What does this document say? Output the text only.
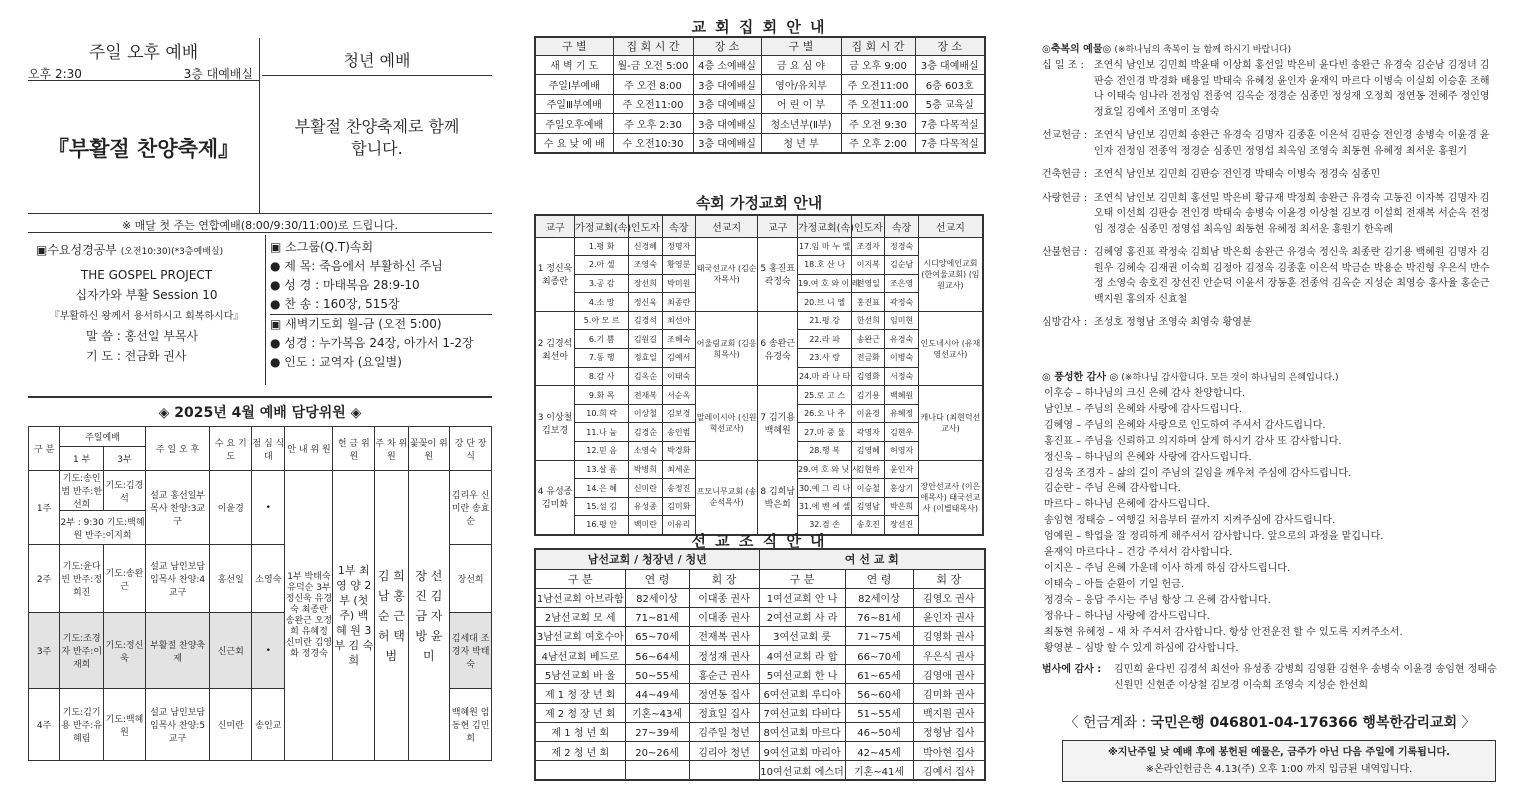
주일 오후 예배
오후 2:30	3층 대예배실
『부활절 찬양축제』
청년 예배
부활절 찬양축제로 함께 합니다.
※ 매달 첫 주는 연합예배(8:00/9:30/11:00)로 드립니다.
▣수요성경공부 (오전10:30)(*3층예배실)
THE GOSPEL PROJECT
십자가와 부활 Session 10
『부활하신 왕께서 용서하시고 회복하시다』
말 씀 : 홍선일 부목사
기 도 : 전금화 권사
▣ 소그룹(Q.T)속회
● 제 목: 죽음에서 부활하신 주님
● 성 경 : 마태복음 28:9-10
● 찬 송 : 160장, 515장
▣ 새벽기도회 월-금 (오전 5:00)
● 성경 : 누가복음 24장, 아가서 1-2장
● 인도 : 교역자 (요일별)
◈ 2025년 4월 예배 담당위원 ◈
구 분	주일예배		주 일 오 후	수 요 기 도	점 심 식 대	안 내 위 원	헌 금 위 원	주 차 위 원	꽃꽂이 위원	강 단 장 식
	1 부	3부								
1주	기도:송인범 반주:한선희	기도:김경석	설교 홍선일부목사 찬양:3교구	이윤경	•	1부 박태숙 유덕순 3부 정신욱 유경숙 최종란 송완근 오정희 유혜정 신미란 김영화 정경숙	1부 최 영 양 2부 (첫주) 백 혜 원 3부 김 숙 희	김 희 남 홍 순 근 허 택 범	장 선 진 김 금 자 방 윤 미	김리우 신미란 송효순
	2부 : 9:30 기도:백혜원 반주:이지희									
2주	기도:윤다빈 반주:정희진	기도:송완근	설교 남인보담임목사 찬양:4교구	홍선일	소영숙					장선희
3주	기도:조경자 반주:이재희	기도:정신욱	부활절 찬양축제	신근회	•					김세대 조경자 박태숙
4주	기도:김기용 반주:유혜림	기도:백혜원	설교 남인보담임목사 찬양:5교구	신미란	송인교					백혜원 엄동현 김민희
교 회 집 회 안 내
구 별	집 회 시 간	장 소	구 별	집 회 시 간	장 소
새 벽 기 도	월-금 오전 5:00	4층 소예배실	금 요 심 야	금 오후 9:00	3층 대예배실
주일Ⅰ부예배	주 오전 8:00	3층 대예배실	영아/유치부	주 오전11:00	6층 603호
주일Ⅲ부예배	주 오전11:00	3층 대예배실	어 린 이 부	주 오전11:00	5층 교육실
주일오후예배	주 오후 2:30	3층 대예배실	청소년부(Ⅱ부)	주 오전 9:30	7층 다목적실
수 요 낮 예 배	수 오전10:30	3층 대예배실	청 년 부	주 오후 2:00	7층 다목적실
속회 가정교회 안내
교구	가정교회(속)	인도자	속장	선교지	교구	가정교회(속)	인도자	속장	선교지
1 정신욱 최종란	1.평 화	신경혜	정명자	태국선교사 (김순자목사)	5 홍진표 곽정숙	17.임 마 누 엘	조경자	정경숙	시디앙에인교회 (한여울교회) (임원교사)
	2.아 셀	조영숙	황영분			18.호 산 나	이지복	김순남	
	3.공 감	장선희	박미원			19.여 호 와 이 레	전영일	조은영	
	4.소 망	정신욱	최종란			20.브 니 엘	홍진표	곽정숙	
2 김경석 최선아	5.아 모 르	김경석	최선아	어울림교회 (김응희목사)	6 송완근 유경숙	21.평 강	한선희	임미현	인도네시아 (유재영선교사)
	6.기 쁨	김원길	조혜숙			22.라 파	송완근	유경숙	
	7.동 행	정효일	김예서			23.사 랑	전금화	이병숙	
	8.감 사	김옥순	이태숙			24.마 라 나 타	김영화	서정숙	
3 이상철 김보경	9.화 목	전재복	서순옥	말레이시아 (신원혁선교사)	7 김기용 백혜원	25.로 고 스	김기용	백혜원	캐나다 (최현덕선교사)
	10.희 락	이상철	김보경			26.오 나 주	이윤경	유혜정	
	11.나 눔	김경순	송인범			27.마 중 물	곽명자	김현우	
	12.믿 음	소영숙	박경화			28.행 복	김영혜	허영자	
4 유성종 김미화	13.살 롬	박병희	최세운	프모니무교회 (송순석목사)	8 김희남 박은희	29.여 호 와 닛 시	김현하	윤인자	장안선교사 (이은애목사) 태국선교사 (이별태목사)
	14.은 혜	신미란	송정진			30.예 그 리 나	이승철	홍상기	
	15.섬 김	유성종	김미화			31.에 벤 에 셀	김영남	박은희	
	16.평 안	백미란	이유리			32.겸 손	송호진	장선진	
선 교 조 직 안 내
남선교회 / 청장년 / 청년			여 선 교 회		
구 분	연 령	회 장	구 분	연 령	회 장
1남선교회 아브라함	82세이상	이대종 권사	1여선교회 안 나	82세이상	김영오 권사
2남선교회 모 세	71~81세	이대종 권사	2여선교회 사 라	76~81세	윤인자 권사
3남선교회 여호수아	65~70세	전재복 권사	3여선교회 룻	71~75세	김영화 권사
4남선교회 베드로	56~64세	정성재 권사	4여선교회 라 합	66~70세	우은식 권사
5남선교회 바 울	50~55세	홍순근 권사	5여선교회 한 나	61~65세	김영애 권사
제 1 청 장 년 회	44~49세	정연동 집사	6여선교회 루디아	56~60세	김미화 권사
제 2 청 장 년 회	기혼~43세	정효일 집사	7여선교회 다비다	51~55세	백지원 권사
제 1 청 년 회	27~39세	김주일 청년	8여선교회 마르다	46~50세	정형남 집사
제 2 청 년 회	20~26세	김리아 청년	9여선교회 마리아	42~45세	박아현 집사
			10여선교회 에스더	기혼~41세	김예서 집사
◎축복의 예물◎ (※하나님의 축복이 늘 함께 하시기 바랍니다)
십 일 조 :	조연식 남인보 김민희 박윤태 이상희 홍선일 박은비 윤다빈 송완근 유경숙 김순남 김정녀 김판승 전인경 박경화 배용일 박태숙 유혜정 윤인자 윤재익 마르다 이병숙 이실희 이승훈 조해나 이태숙 임나라 전정임 전종억 김옥순 정경순 심종민 정성재 오정희 정연동 전혜주 정인영 정효일 김예서 조영미 조영숙
선교헌금 : 조연식 남인보 김민희 송완근 유경숙 김명자 김종훈 이은석 김판승 전인경 송병숙 이윤경 윤인자 전정임 전종억 정경순 심종민 정영섭 최옥임 조영숙 최동현 유혜정 최서운 홍원기
건축헌금 : 조연식 남인보 김민희 김판승 전인경 박태숙 이병숙 정경숙 심종민
사랑헌금 : 조연식 남인보 김민희 홍선일 박은비 황규재 박정희 송완근 유경숙 고동진 이자복 김명자 김오태 이선희 김판승 전인경 박태숙 송병숙 이윤경 이상철 김보경 이설희 전재복 서순옥 전정임 정경순 심종민 정영섭 최옥임 최동현 유혜정 최서운 홍원기 한옥례
산불헌금 : 김혜영 홍진표 곽정숙 김희남 박은희 송완근 유경숙 정신욱 최종란 김기용 백혜원 김명자 김원우 김혜숙 김재권 이숙희 김정아 김정옥 김종훈 이은석 박금순 박용순 박진형 우은식 반수정 소영숙 송호진 장선진 안순덕 이윤서 장동훈 전종억 김옥순 지성순 최영승 홍사율 홍순근 백지원 홍의자 신효철
심방감사 : 조성호 정형남 조영숙 최영숙 황영분
◎ 풍성한 감사 ◎ (※하나님 감사합니다. 모든 것이 하나님의 은혜입니다.)
이후승 – 하나님의 크신 은혜 감사 찬양합니다.
남인보 – 주님의 은혜와 사랑에 감사드립니다.
김혜영 – 주님의 은혜와 사랑으로 인도하여 주셔서 감사드립니다.
홍진표 – 주님을 신뢰하고 의지하며 살게 하시기 감사 또 감사합니다.
정신욱 – 하나님의 은혜와 사랑에 감사드립니다.
김성욱 조경자 – 삶의 길이 주님의 길임을 깨우쳐 주심에 감사드립니다.
김순란 – 주님 은혜 감사합니다.
마르다 – 하나님 은혜에 감사드립니다.
송임현 정태승 – 여행길 처음부터 끝까지 지켜주심에 감사드립니다.
엄예린 – 학업을 잘 정리하게 해주셔서 감사합니다. 앞으로의 과정을 맡깁니다.
윤재익 마르다나 – 건강 주셔서 감사합니다.
이지은 – 주님 은혜 가운데 이사 하게 하심 감사드립니다.
이태숙 – 아들 순환이 기일 헌금.
정경숙 – 응답 주시는 주님 항상 그 은혜 감사합니다.
정유나 – 하나님 사랑에 감사드립니다.
최동현 유혜정 – 새 차 주셔서 감사합니다. 항상 안전운전 할 수 있도록 지켜주소서.
황영분 – 심방 할 수 있게 하심에 감사합니다.
범사에 감사 :	김민희 윤다빈 김경석 최선아 유성종 강병희 김영환 김현우 송병숙 이윤경 송임현 정태승 신원민 신현준 이상철 김보경 이숙희 조영숙 지성순 한선희
〈 헌금계좌 : 국민은행 046801-04-176366 행복한감리교회 〉
※지난주일 낮 예배 후에 봉헌된 예물은, 금주가 아닌 다음 주일에 기록됩니다.
※온라인헌금은 4.13(주) 오후 1:00 까지 입금된 내역입니다.
